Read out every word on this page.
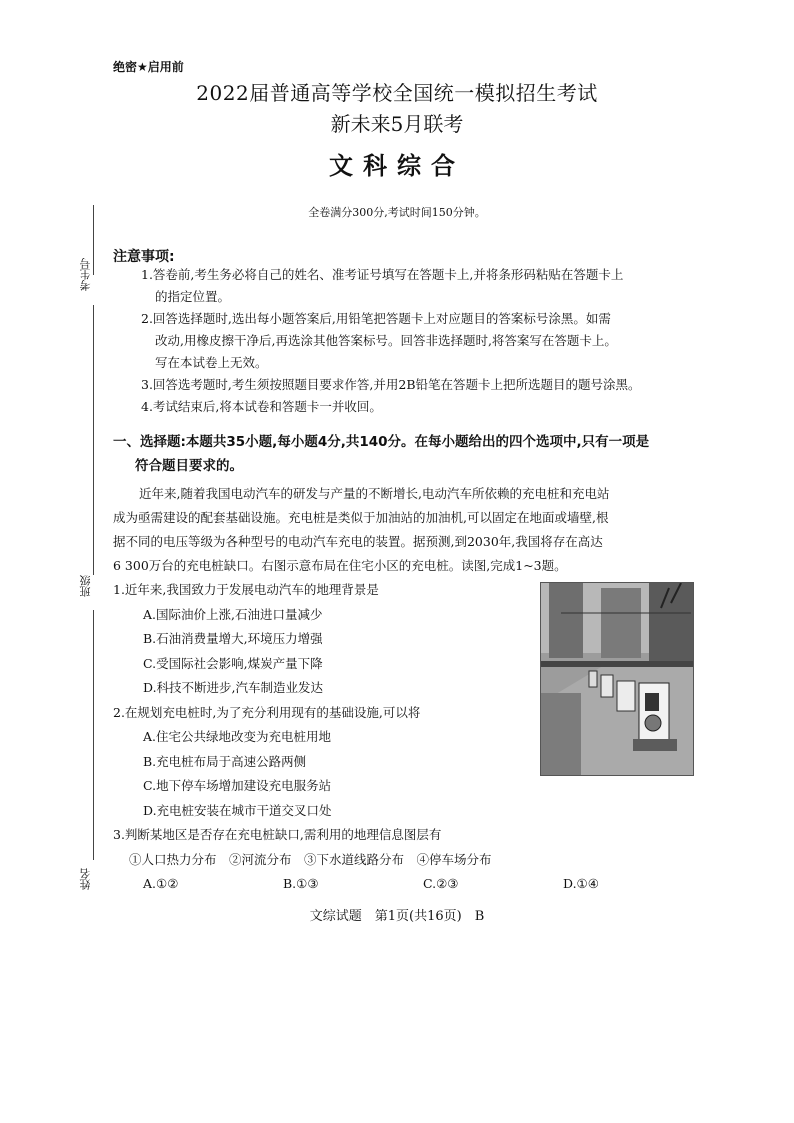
绝密★启用前
2022届普通高等学校全国统一模拟招生考试
新未来5月联考
文科综合
全卷满分300分,考试时间150分钟。
考生号
班级
姓名
注意事项:
1.答卷前,考生务必将自己的姓名、准考证号填写在答题卡上,并将条形码粘贴在答题卡上
的指定位置。
2.回答选择题时,选出每小题答案后,用铅笔把答题卡上对应题目的答案标号涂黑。如需
改动,用橡皮擦干净后,再选涂其他答案标号。回答非选择题时,将答案写在答题卡上。
写在本试卷上无效。
3.回答选考题时,考生须按照题目要求作答,并用2B铅笔在答题卡上把所选题目的题号涂黑。
4.考试结束后,将本试卷和答题卡一并收回。
一、选择题:本题共35小题,每小题4分,共140分。在每小题给出的四个选项中,只有一项是
符合题目要求的。
近年来,随着我国电动汽车的研发与产量的不断增长,电动汽车所依赖的充电桩和充电站
成为亟需建设的配套基础设施。充电桩是类似于加油站的加油机,可以固定在地面或墙壁,根
据不同的电压等级为各种型号的电动汽车充电的装置。据预测,到2030年,我国将存在高达
6 300万台的充电桩缺口。右图示意布局在住宅小区的充电桩。读图,完成1~3题。
1.近年来,我国致力于发展电动汽车的地理背景是
A.国际油价上涨,石油进口量减少
B.石油消费量增大,环境压力增强
C.受国际社会影响,煤炭产量下降
D.科技不断进步,汽车制造业发达
2.在规划充电桩时,为了充分利用现有的基础设施,可以将
A.住宅公共绿地改变为充电桩用地
B.充电桩布局于高速公路两侧
C.地下停车场增加建设充电服务站
D.充电桩安装在城市干道交叉口处
3.判断某地区是否存在充电桩缺口,需利用的地理信息图层有
①人口热力分布　②河流分布　③下水道线路分布　④停车场分布
A.①②	B.①③	C.②③	D.①④
文综试题　第1页(共16页)　B
